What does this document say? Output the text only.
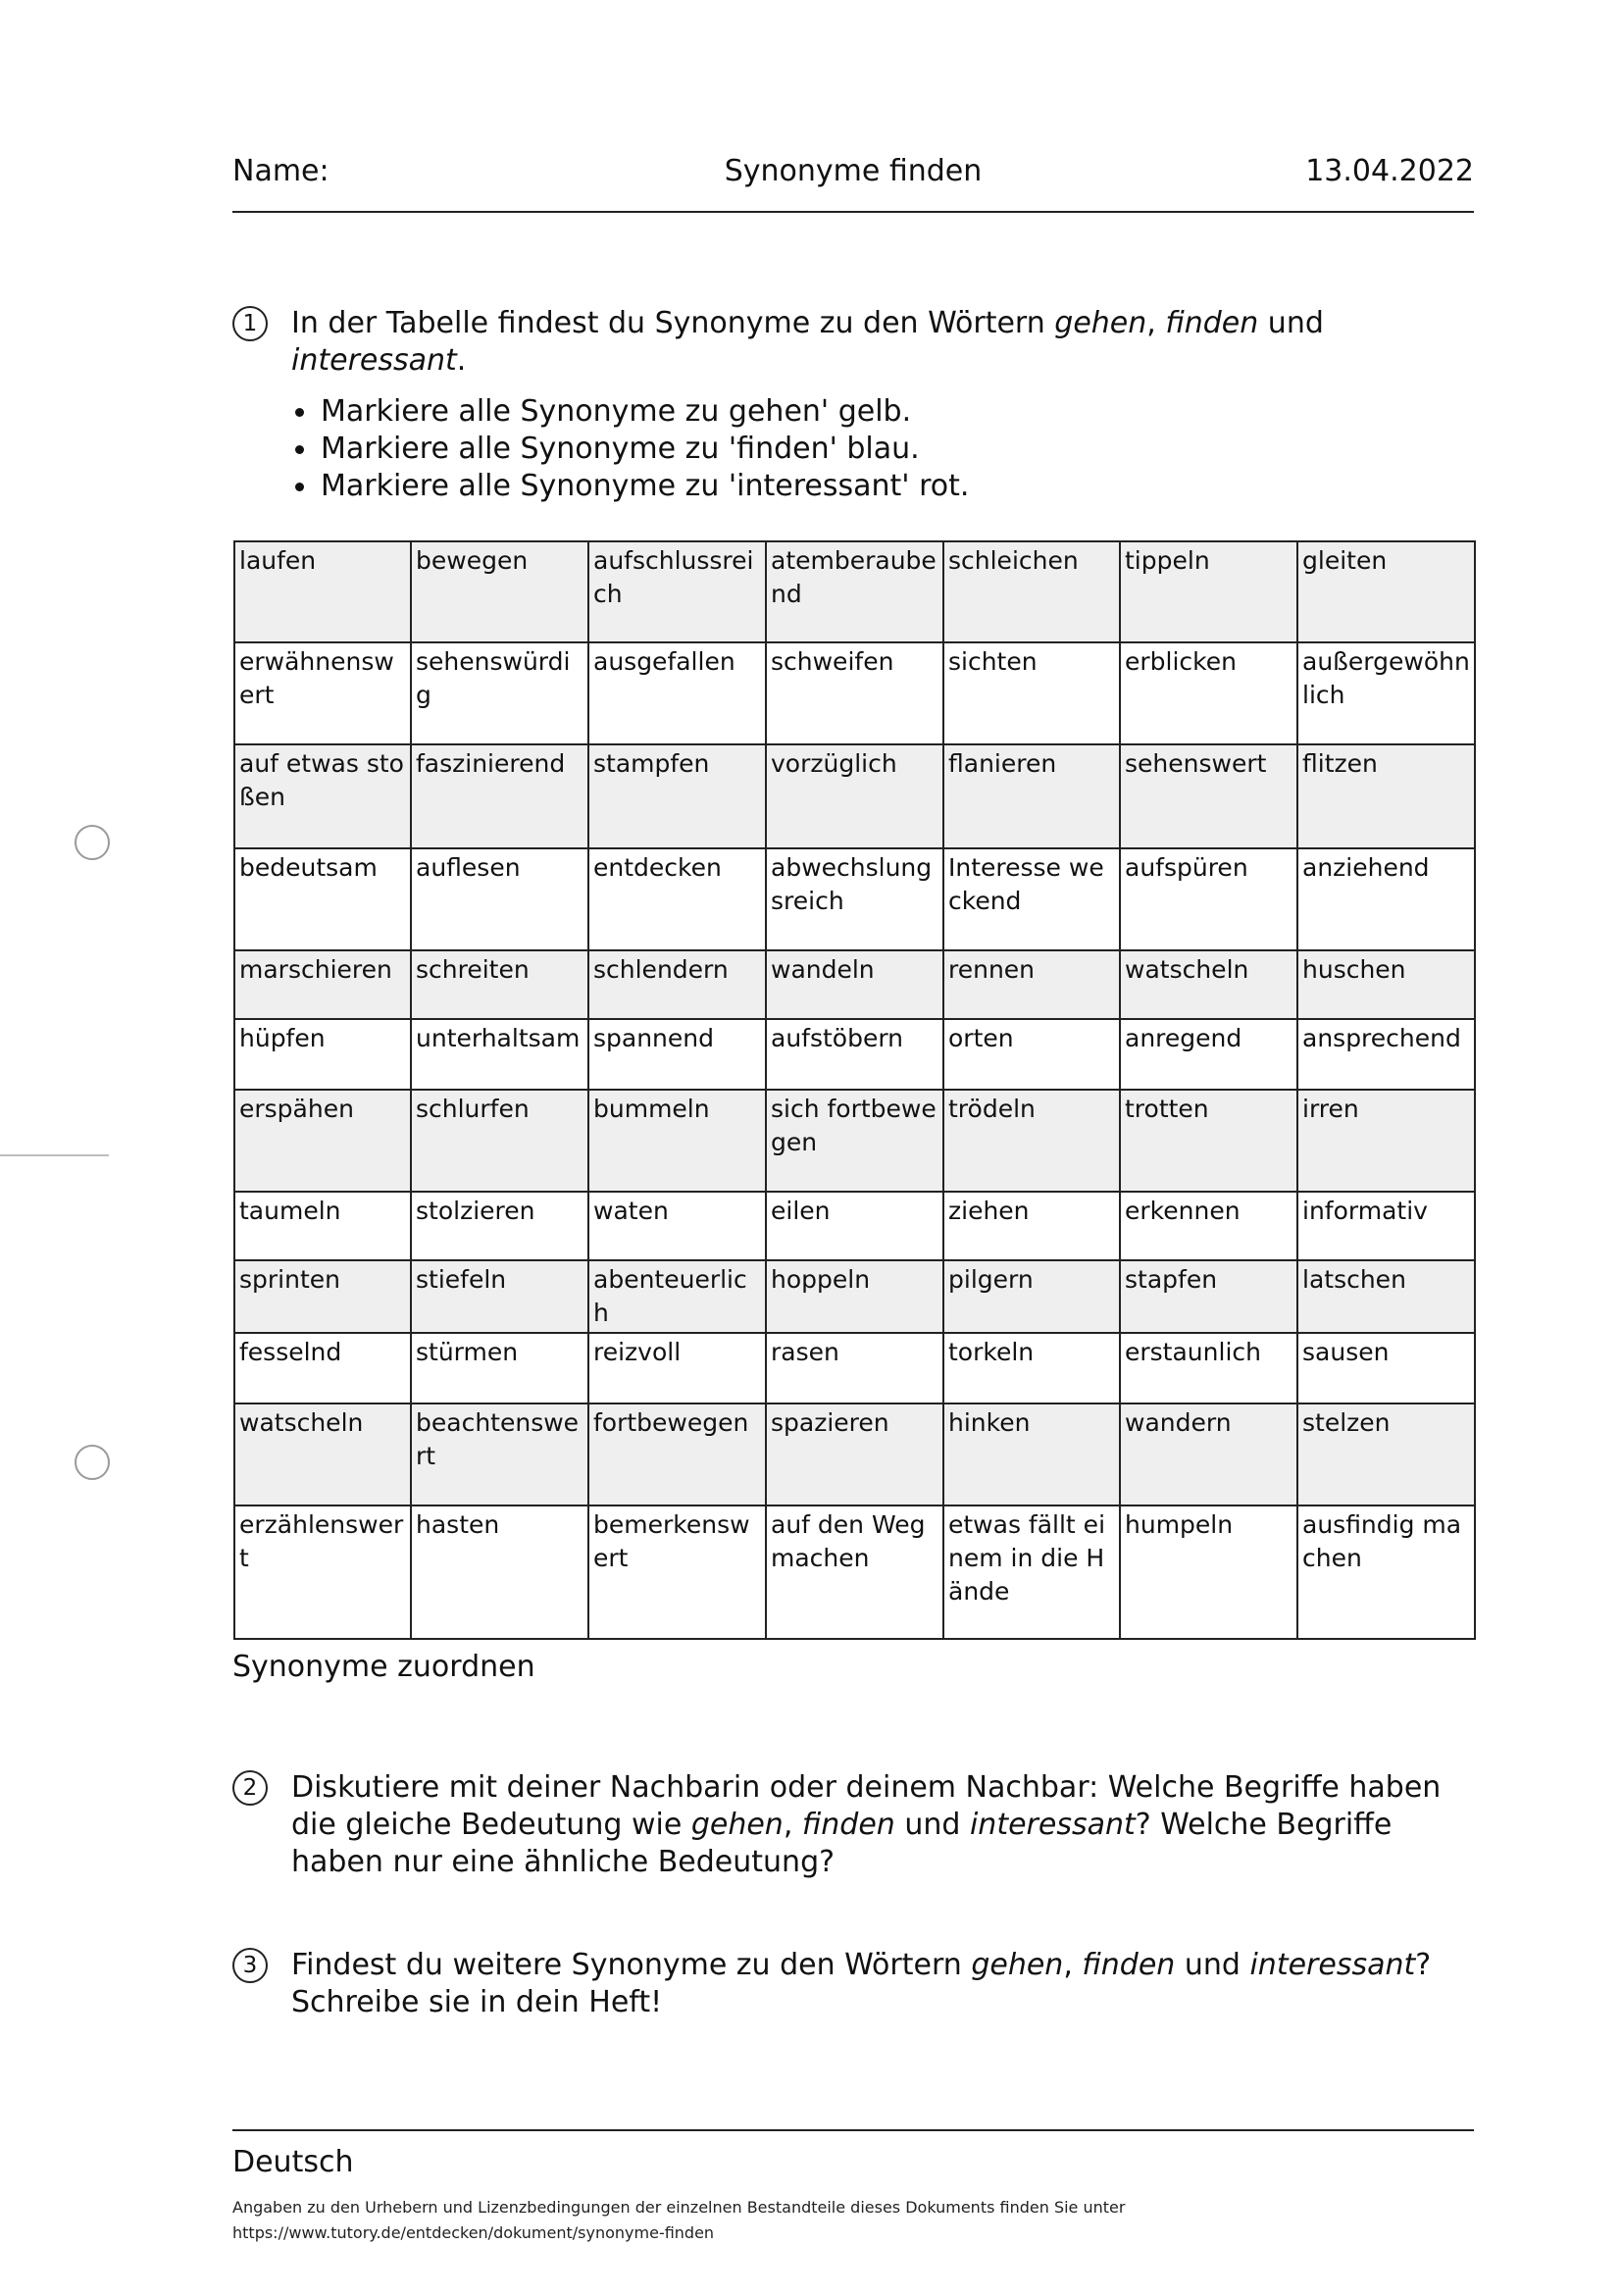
Name:	Synonyme finden	13.04.2022
1	In der Tabelle findest du Synonyme zu den Wörtern gehen, finden und interessant.
Markiere alle Synonyme zu gehen' gelb.
Markiere alle Synonyme zu 'finden' blau.
Markiere alle Synonyme zu 'interessant' rot.
laufen	bewegen	aufschlussreich	atemberaubend	schleichen	tippeln	gleiten
erwähnenswert	sehenswürdig	ausgefallen	schweifen	sichten	erblicken	außergewöhnlich
auf etwas stoßen	faszinierend	stampfen	vorzüglich	flanieren	sehenswert	flitzen
bedeutsam	auflesen	entdecken	abwechslungsreich	Interesse weckend	aufspüren	anziehend
marschieren	schreiten	schlendern	wandeln	rennen	watscheln	huschen
hüpfen	unterhaltsam	spannend	aufstöbern	orten	anregend	ansprechend
erspähen	schlurfen	bummeln	sich fortbewegen	trödeln	trotten	irren
taumeln	stolzieren	waten	eilen	ziehen	erkennen	informativ
sprinten	stiefeln	abenteuerlich	hoppeln	pilgern	stapfen	latschen
fesselnd	stürmen	reizvoll	rasen	torkeln	erstaunlich	sausen
watscheln	beachtenswert	fortbewegen	spazieren	hinken	wandern	stelzen
erzählenswert	hasten	bemerkenswert	auf den Weg machen	etwas fällt einem in die Hände	humpeln	ausfindig machen
Synonyme zuordnen
2	Diskutiere mit deiner Nachbarin oder deinem Nachbar: Welche Begriffe haben die gleiche Bedeutung wie gehen, finden und interessant? Welche Begriffe haben nur eine ähnliche Bedeutung?
3	Findest du weitere Synonyme zu den Wörtern gehen, finden und interessant? Schreibe sie in dein Heft!
Deutsch
Angaben zu den Urhebern und Lizenzbedingungen der einzelnen Bestandteile dieses Dokuments finden Sie unter
https://www.tutory.de/entdecken/dokument/synonyme-finden
